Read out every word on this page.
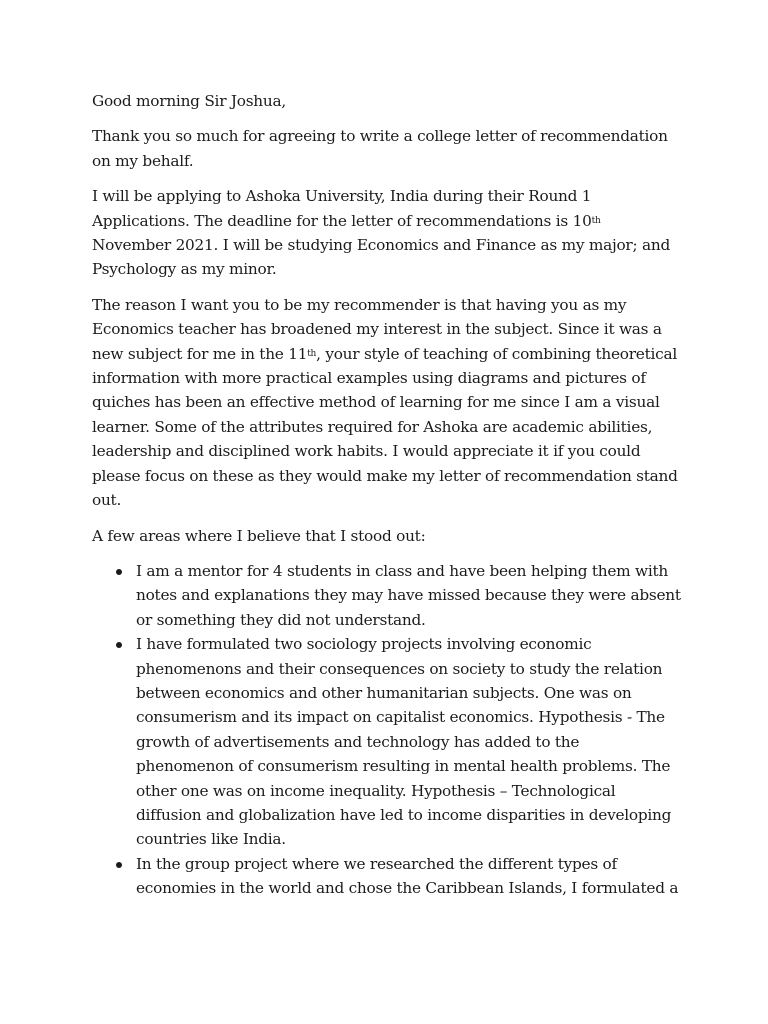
Good morning Sir Joshua,

Thank you so much for agreeing to write a college letter of recommendation
on my behalf.

I will be applying to Ashoka University, India during their Round 1
Applications. The deadline for the letter of recommendations is 10th
November 2021. I will be studying Economics and Finance as my major; and
Psychology as my minor.

The reason I want you to be my recommender is that having you as my
Economics teacher has broadened my interest in the subject. Since it was a
new subject for me in the 11th, your style of teaching of combining theoretical
information with more practical examples using diagrams and pictures of
quiches has been an effective method of learning for me since I am a visual
learner. Some of the attributes required for Ashoka are academic abilities,
leadership and disciplined work habits. I would appreciate it if you could
please focus on these as they would make my letter of recommendation stand
out.

A few areas where I believe that I stood out:

I am a mentor for 4 students in class and have been helping them with
notes and explanations they may have missed because they were absent
or something they did not understand.
I have formulated two sociology projects involving economic
phenomenons and their consequences on society to study the relation
between economics and other humanitarian subjects. One was on
consumerism and its impact on capitalist economics. Hypothesis - The
growth of advertisements and technology has added to the
phenomenon of consumerism resulting in mental health problems. The
other one was on income inequality. Hypothesis – Technological
diffusion and globalization have led to income disparities in developing
countries like India.
In the group project where we researched the different types of
economies in the world and chose the Caribbean Islands, I formulated a
